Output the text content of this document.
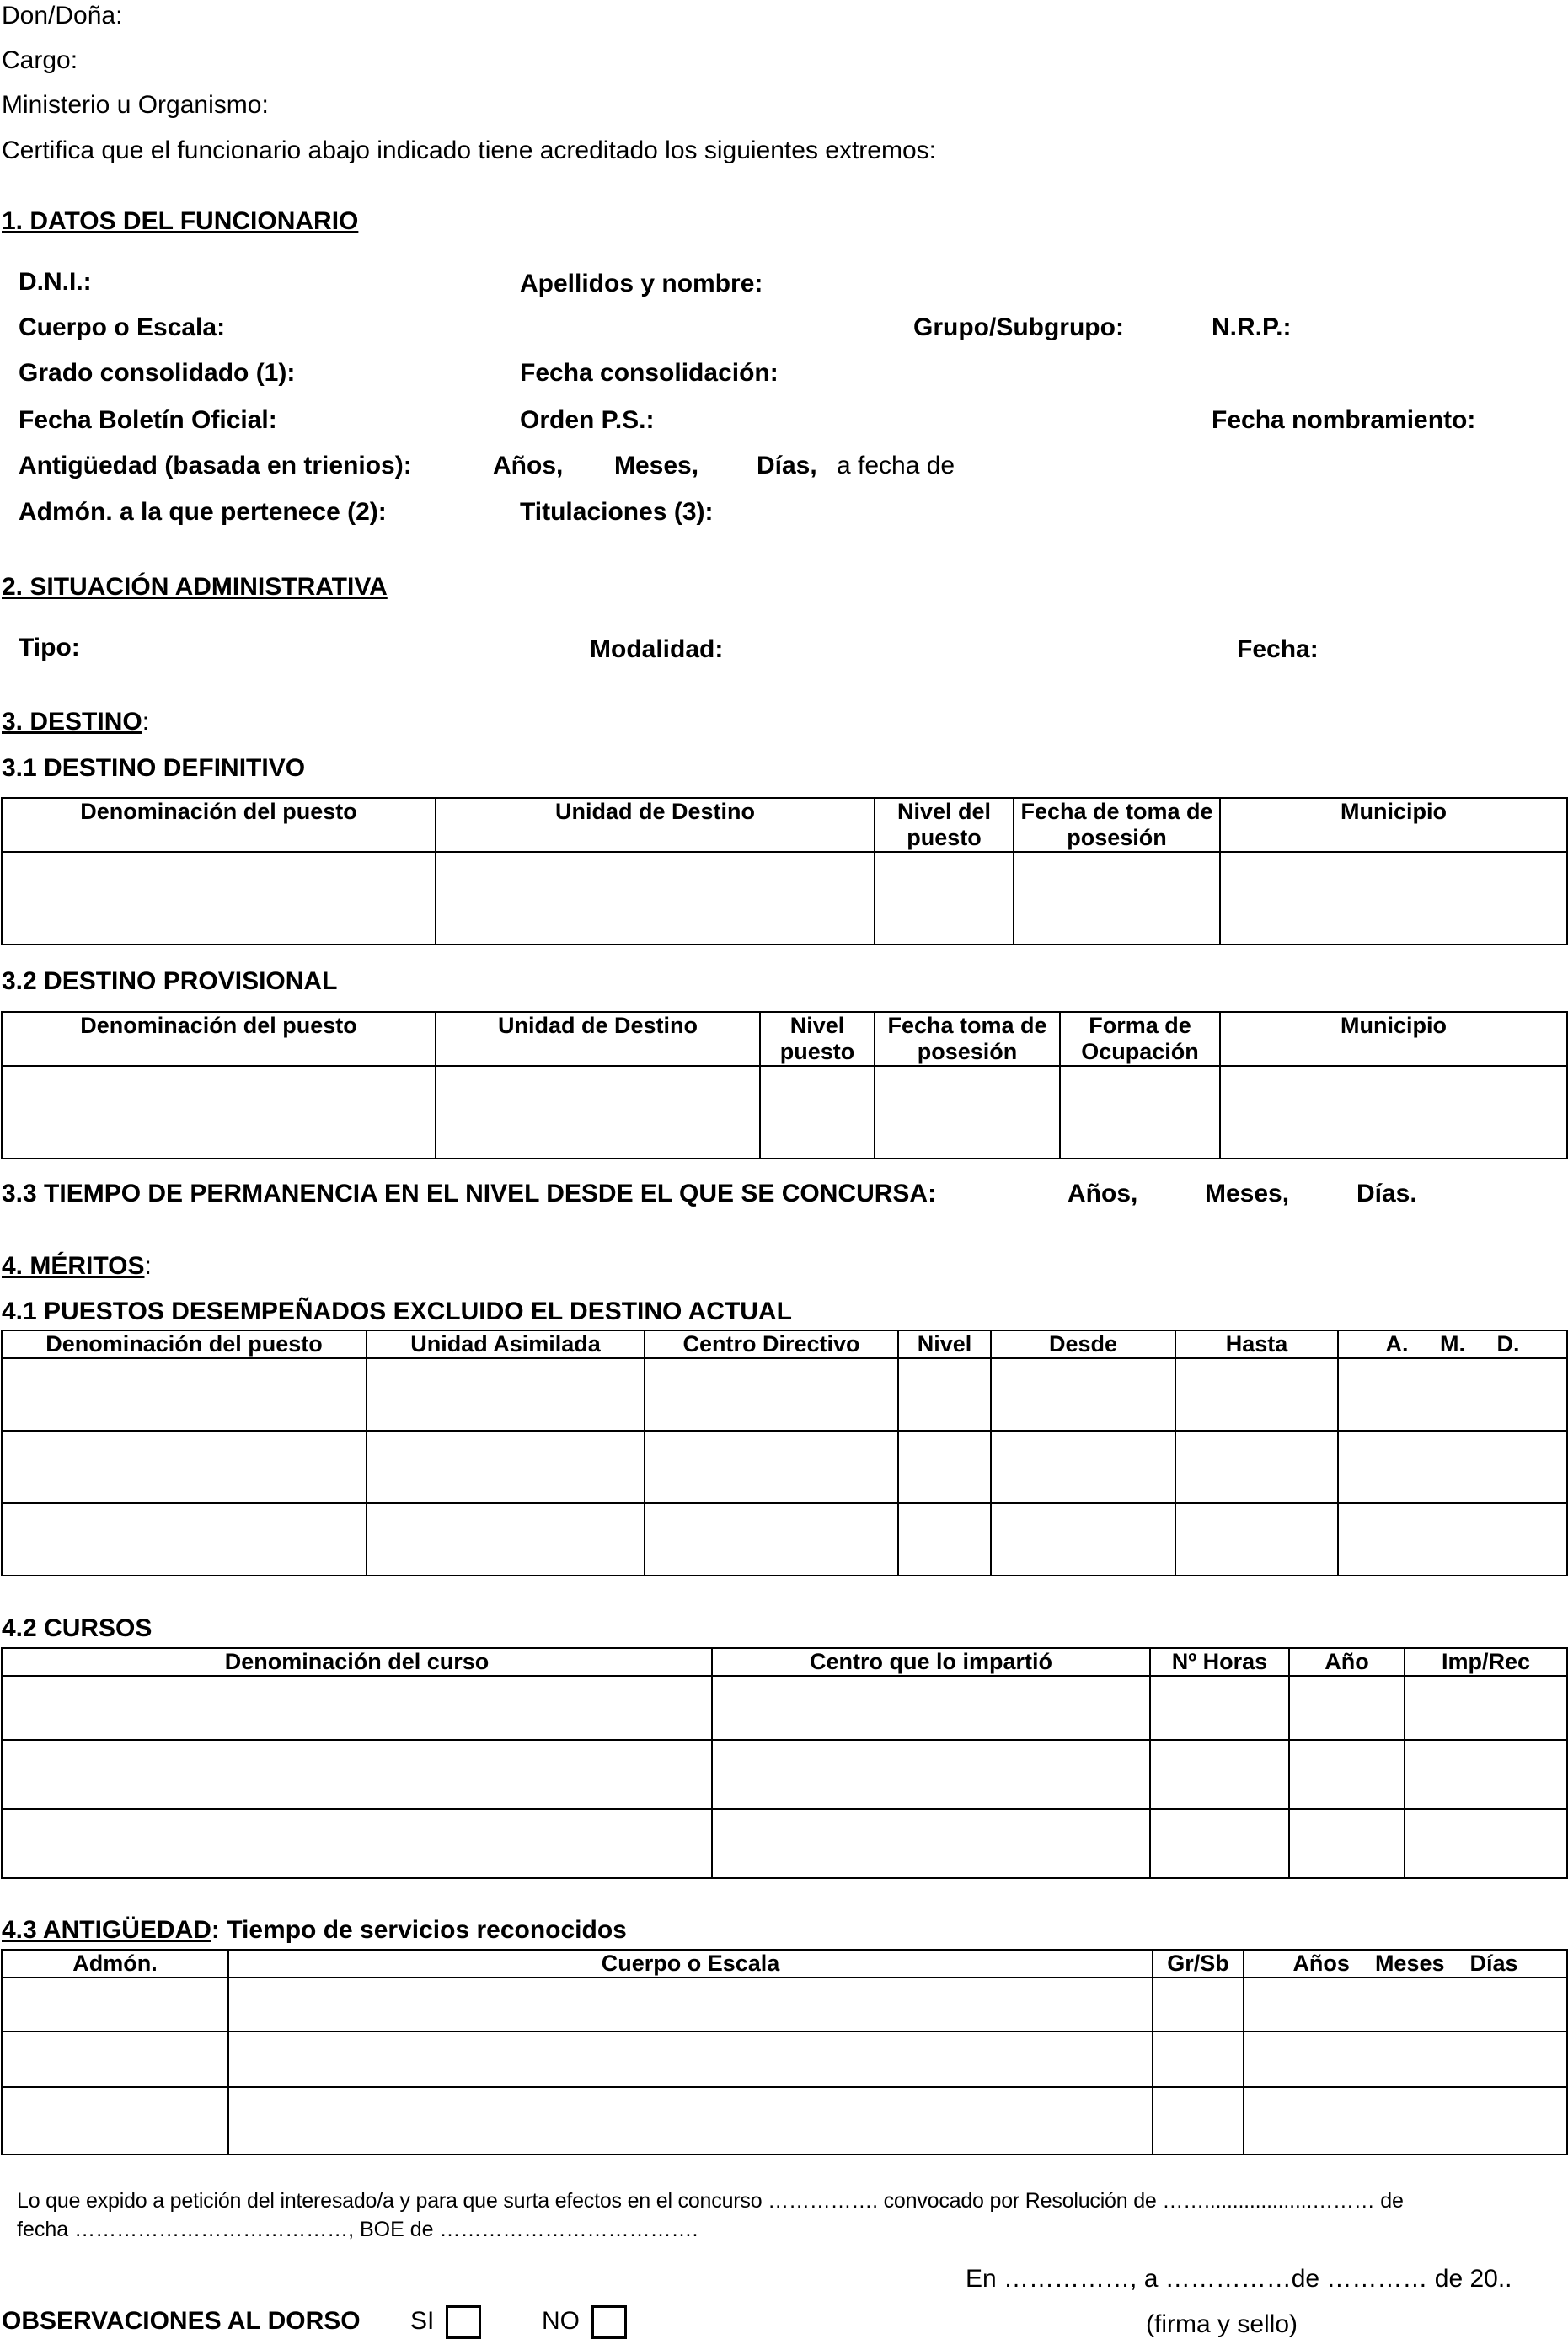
Don/Doña:
Cargo:
Ministerio u Organismo:
Certifica que el funcionario abajo indicado tiene acreditado los siguientes extremos:
1. DATOS DEL FUNCIONARIO
D.N.I.:	Apellidos y nombre:
Cuerpo o Escala:	Grupo/Subgrupo:	N.R.P.:
Grado consolidado (1):	Fecha consolidación:
Fecha Boletín Oficial:	Orden P.S.:	Fecha nombramiento:
Antigüedad (basada en trienios):	Años, Meses, Días, a fecha de
Admón. a la que pertenece (2):	Titulaciones (3):
2. SITUACIÓN ADMINISTRATIVA
Tipo:	Modalidad:	Fecha:
3. DESTINO:
3.1 DESTINO DEFINITIVO
Denominación del puesto	Unidad de Destino	Nivel del puesto	Fecha de toma de posesión	Municipio

3.2 DESTINO PROVISIONAL
Denominación del puesto	Unidad de Destino	Nivel puesto	Fecha toma de posesión	Forma de Ocupación	Municipio

3.3 TIEMPO DE PERMANENCIA EN EL NIVEL DESDE EL QUE SE CONCURSA:	Años,	Meses,	Días.
4. MÉRITOS:
4.1 PUESTOS DESEMPEÑADOS EXCLUIDO EL DESTINO ACTUAL
Denominación del puesto	Unidad Asimilada	Centro Directivo	Nivel	Desde	Hasta	A.     M.     D.

4.2 CURSOS
Denominación del curso	Centro que lo impartió	Nº Horas	Año	Imp/Rec

4.3 ANTIGÜEDAD: Tiempo de servicios reconocidos
Admón.	Cuerpo o Escala	Gr/Sb	Años    Meses    Días

Lo que expido a petición del interesado/a y para que surta efectos en el concurso ……………. convocado por Resolución de ……...................……… de
fecha …………………………………, BOE de ……………………………….
En ……………, a ……………de ………… de 20..
OBSERVACIONES AL DORSO SI	NO	(firma y sello)
